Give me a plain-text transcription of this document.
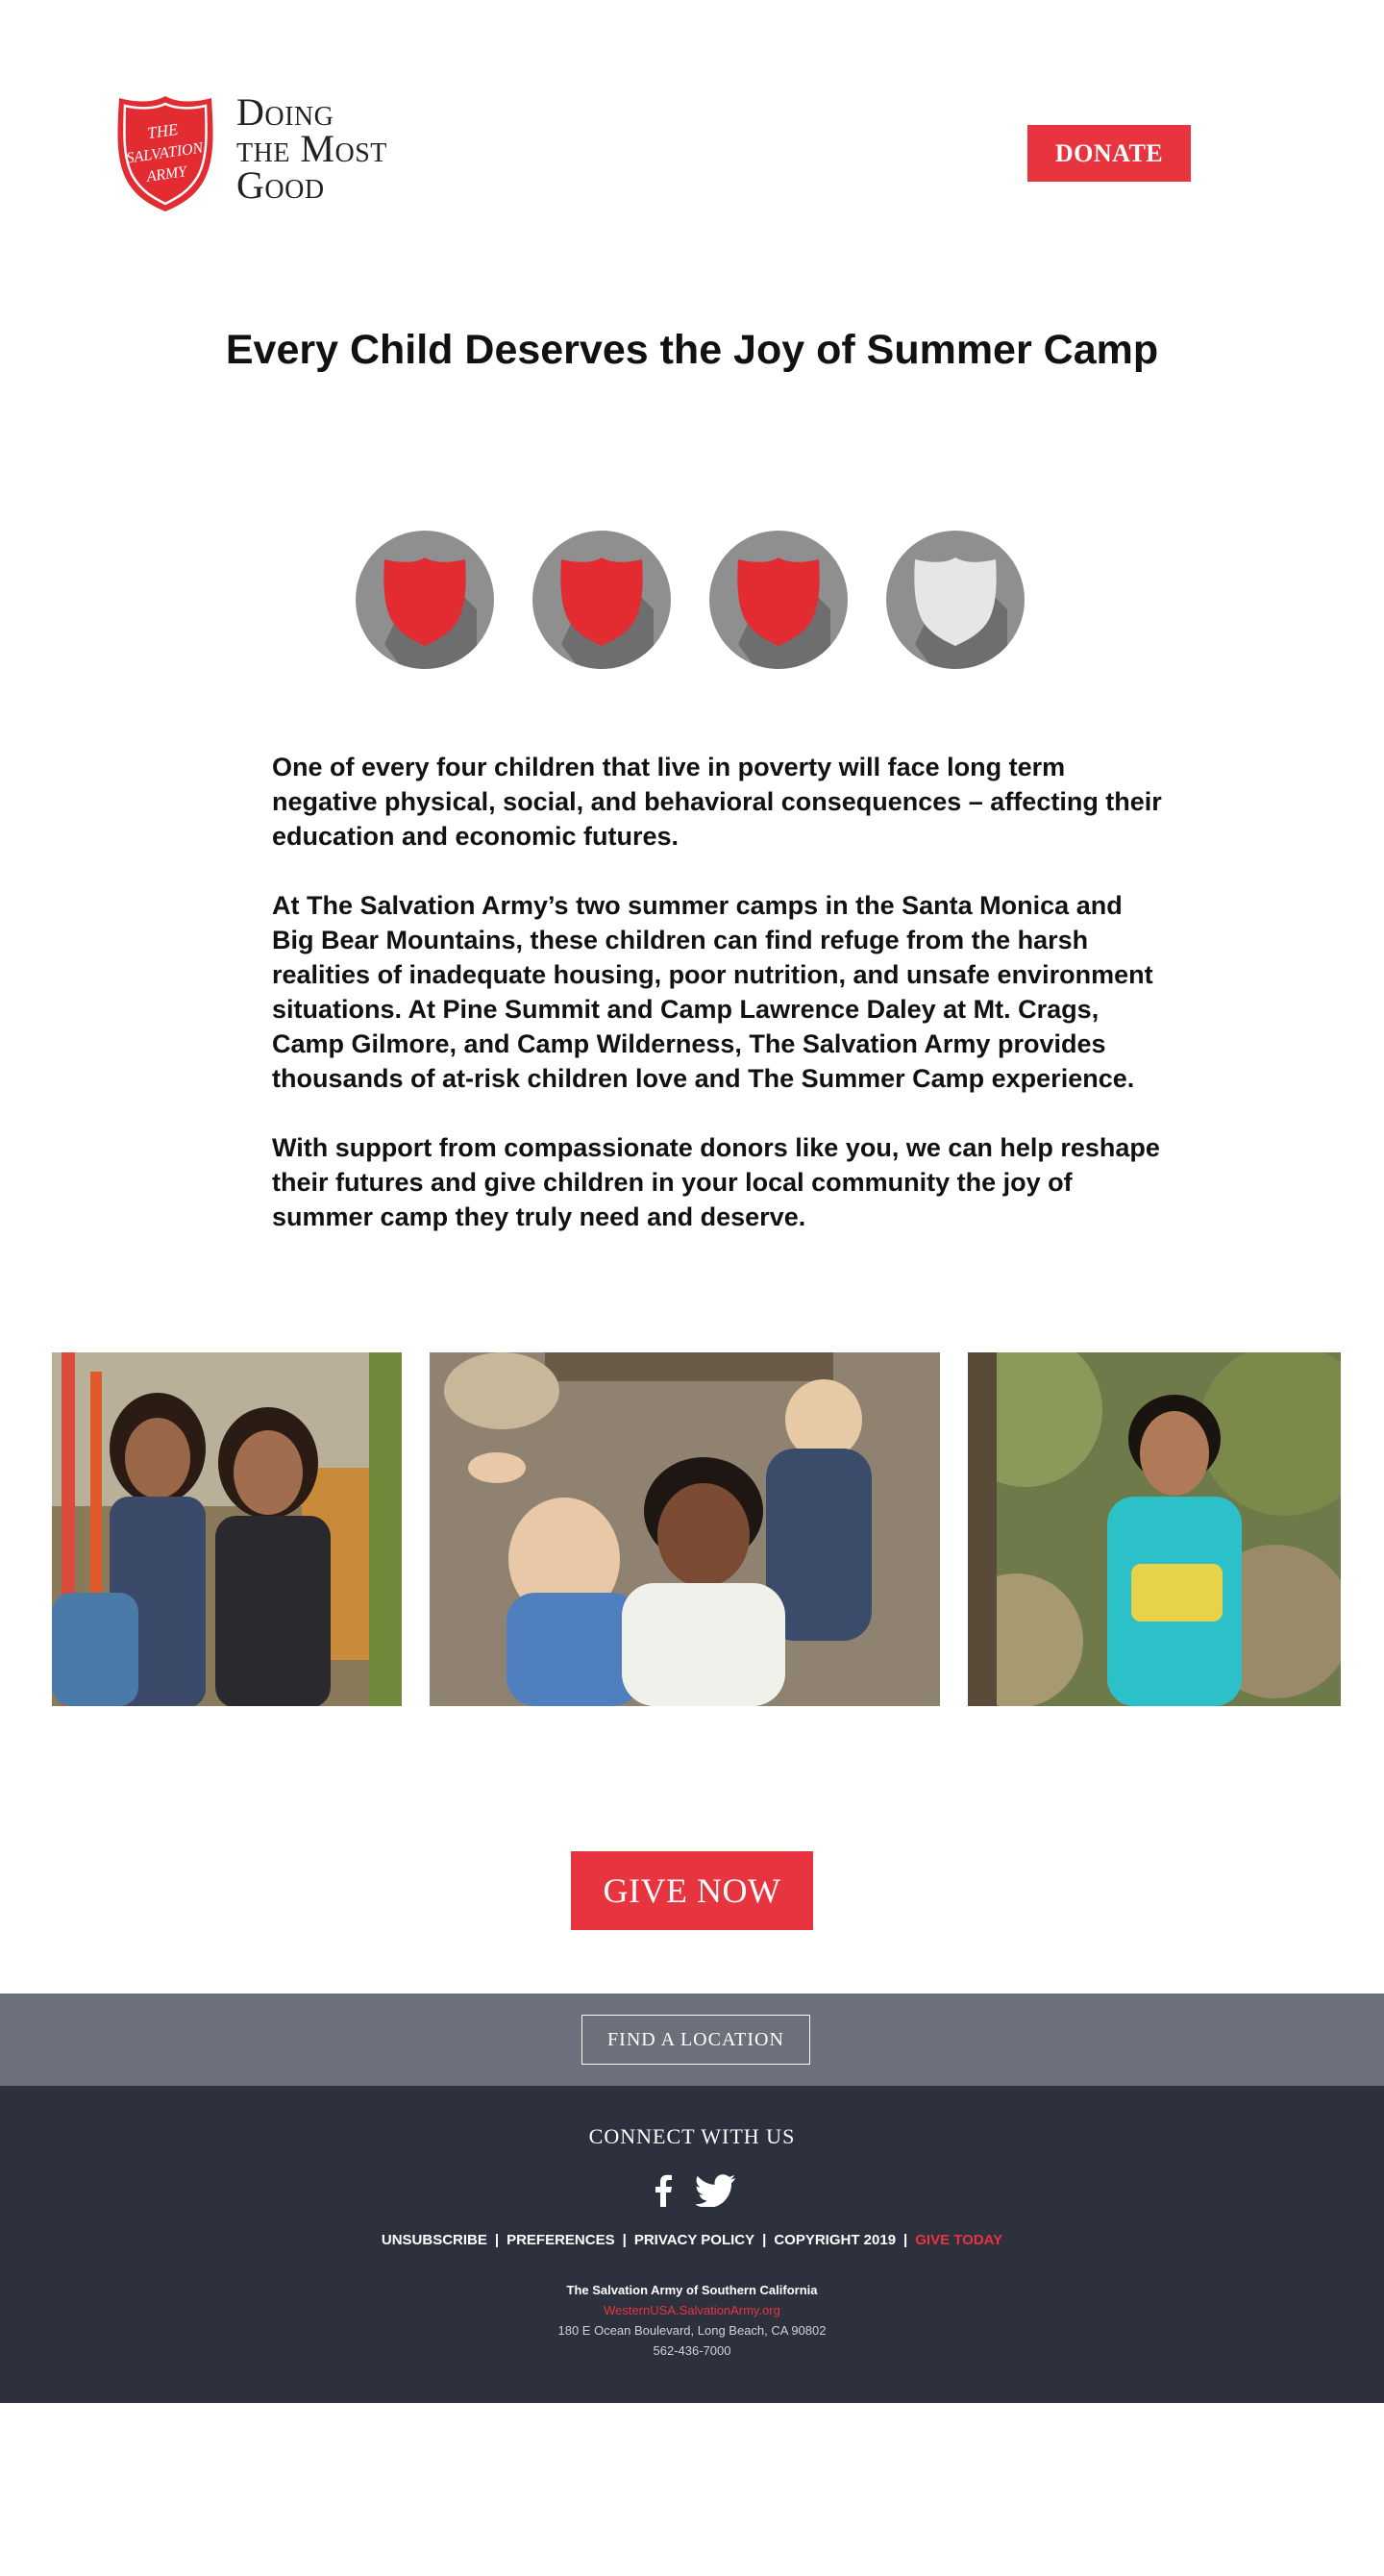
THE
SALVATION
ARMY
Doing
the Most
Good
DONATE
Every Child Deserves the Joy of Summer Camp

One of every four children that live in poverty will face long term negative physical, social, and behavioral consequences – affecting their education and economic futures.

At The Salvation Army’s two summer camps in the Santa Monica and Big Bear Mountains, these children can find refuge from the harsh realities of inadequate housing, poor nutrition, and unsafe environment situations. At Pine Summit and Camp Lawrence Daley at Mt. Crags, Camp Gilmore, and Camp Wilderness, The Salvation Army provides thousands of at-risk children love and The Summer Camp experience.

With support from compassionate donors like you, we can help reshape their futures and give children in your local community the joy of summer camp they truly need and deserve.

GIVE NOW
FIND A LOCATION
CONNECT WITH US
UNSUBSCRIBE | PREFERENCES | PRIVACY POLICY | COPYRIGHT 2019 | GIVE TODAY
The Salvation Army of Southern California
WesternUSA.SalvationArmy.org
180 E Ocean Boulevard, Long Beach, CA 90802
562-436-7000
